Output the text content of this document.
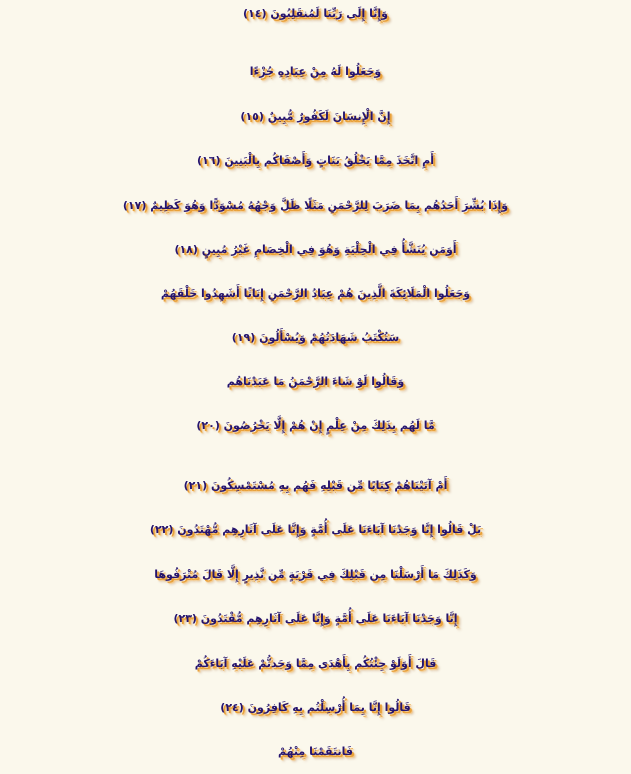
وَإِنَّا إِلَى رَبِّنَا لَمُنقَلِبُونَ (١٤)
وَجَعَلُوا لَهُ مِنْ عِبَادِهِ جُزْءًا
إِنَّ الْإِنسَانَ لَكَفُورٌ مُّبِينٌ (١٥)
أَمِ اتَّخَذَ مِمَّا يَخْلُقُ بَنَاتٍ وَأَصْفَاكُم بِالْبَنِينَ (١٦)
وَإِذَا بُشِّرَ أَحَدُهُم بِمَا ضَرَبَ لِلرَّحْمَنِ مَثَلًا ظَلَّ وَجْهُهُ مُسْوَدًّا وَهُوَ كَظِيمٌ (١٧)
أَوَمَن يُنَشَّأُ فِي الْحِلْيَةِ وَهُوَ فِي الْخِصَامِ غَيْرُ مُبِينٍ (١٨)
وَجَعَلُوا الْمَلَائِكَةَ الَّذِينَ هُمْ عِبَادُ الرَّحْمَنِ إِنَاثًا أَشَهِدُوا خَلْقَهُمْ
سَتُكْتَبُ شَهَادَتُهُمْ وَيُسْأَلُونَ (١٩)
وَقَالُوا لَوْ شَاءَ الرَّحْمَنُ مَا عَبَدْنَاهُم
مَّا لَهُم بِذَلِكَ مِنْ عِلْمٍ إِنْ هُمْ إِلَّا يَخْرُصُونَ (٢٠)
أَمْ آتَيْنَاهُمْ كِتَابًا مِّن قَبْلِهِ فَهُم بِهِ مُسْتَمْسِكُونَ (٢١)
بَلْ قَالُوا إِنَّا وَجَدْنَا آبَاءَنَا عَلَى أُمَّةٍ وَإِنَّا عَلَى آثَارِهِم مُّهْتَدُونَ (٢٢)
وَكَذَلِكَ مَا أَرْسَلْنَا مِن قَبْلِكَ فِي قَرْيَةٍ مِّن نَّذِيرٍ إِلَّا قَالَ مُتْرَفُوهَا
إِنَّا وَجَدْنَا آبَاءَنَا عَلَى أُمَّةٍ وَإِنَّا عَلَى آثَارِهِم مُّقْتَدُونَ (٢٣)
قَالَ أَوَلَوْ جِئْتُكُم بِأَهْدَى مِمَّا وَجَدتُّمْ عَلَيْهِ آبَاءَكُمْ
قَالُوا إِنَّا بِمَا أُرْسِلْتُم بِهِ كَافِرُونَ (٢٤)
فَانتَقَمْنَا مِنْهُمْ
